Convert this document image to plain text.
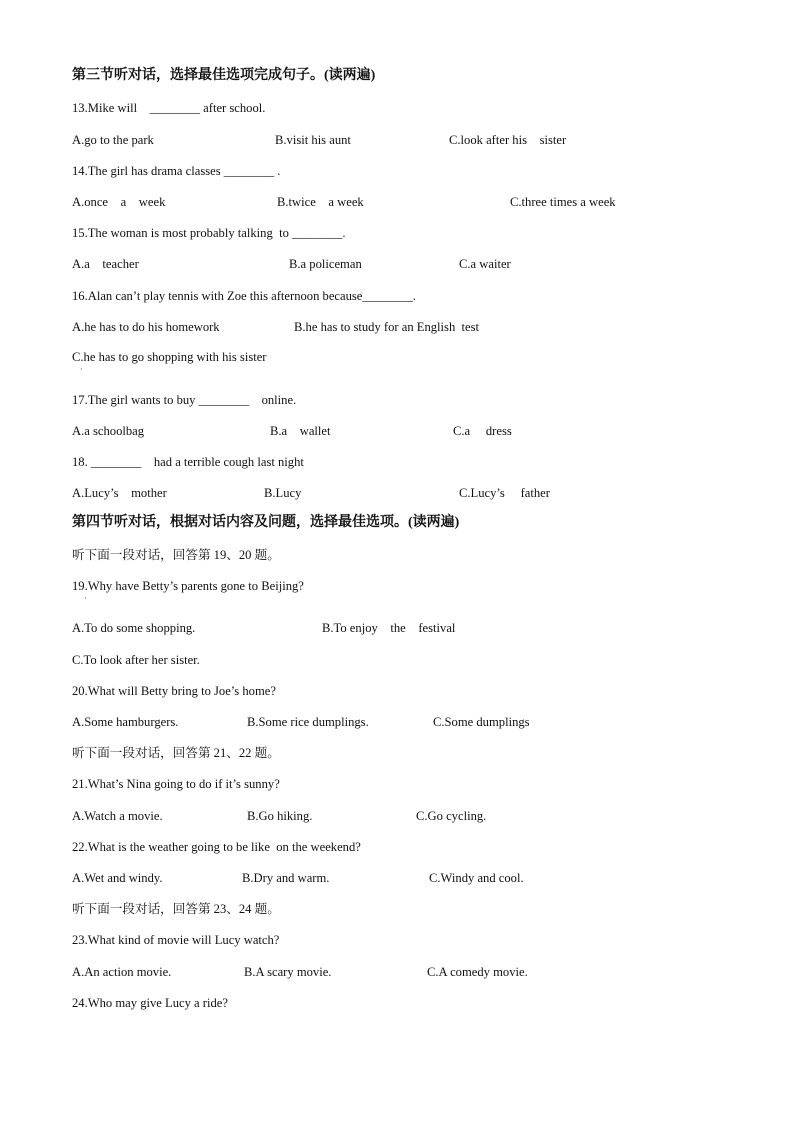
第三节听对话，选择最佳选项完成句子。(读两遍)
13.Mike will    ________ after school.
A.go to the park	B.visit his aunt	C.look after his    sister
14.The girl has drama classes ________ .
A.once    a    week	B.twice    a week	C.three times a week
15.The woman is most probably talking  to ________.
A.a    teacher	B.a policeman	C.a waiter
16.Alan can’t play tennis with Zoe this afternoon because________.
A.he has to do his homework	B.he has to study for an English  test
C.he has to go shopping with his sister
·
17.The girl wants to buy ________    online.
A.a schoolbag	B.a    wallet	C.a     dress
18. ________    had a terrible cough last night
A.Lucy’s    mother	B.Lucy	C.Lucy’s     father
第四节听对话，根据对话内容及问题，选择最佳选项。(读两遍)
听下面一段对话，回答第 19、20 题。
19.Why have Betty’s parents gone to Beijing?
·
A.To do some shopping.	B.To enjoy    the    festival
C.To look after her sister.
20.What will Betty bring to Joe’s home?
A.Some hamburgers.	B.Some rice dumplings.	C.Some dumplings
听下面一段对话，回答第 21、22 题。
21.What’s Nina going to do if it’s sunny?
A.Watch a movie.	B.Go hiking.	C.Go cycling.
22.What is the weather going to be like  on the weekend?
A.Wet and windy.	B.Dry and warm.	C.Windy and cool.
听下面一段对话，回答第 23、24 题。
23.What kind of movie will Lucy watch?
A.An action movie.	B.A scary movie.	C.A comedy movie.
24.Who may give Lucy a ride?
